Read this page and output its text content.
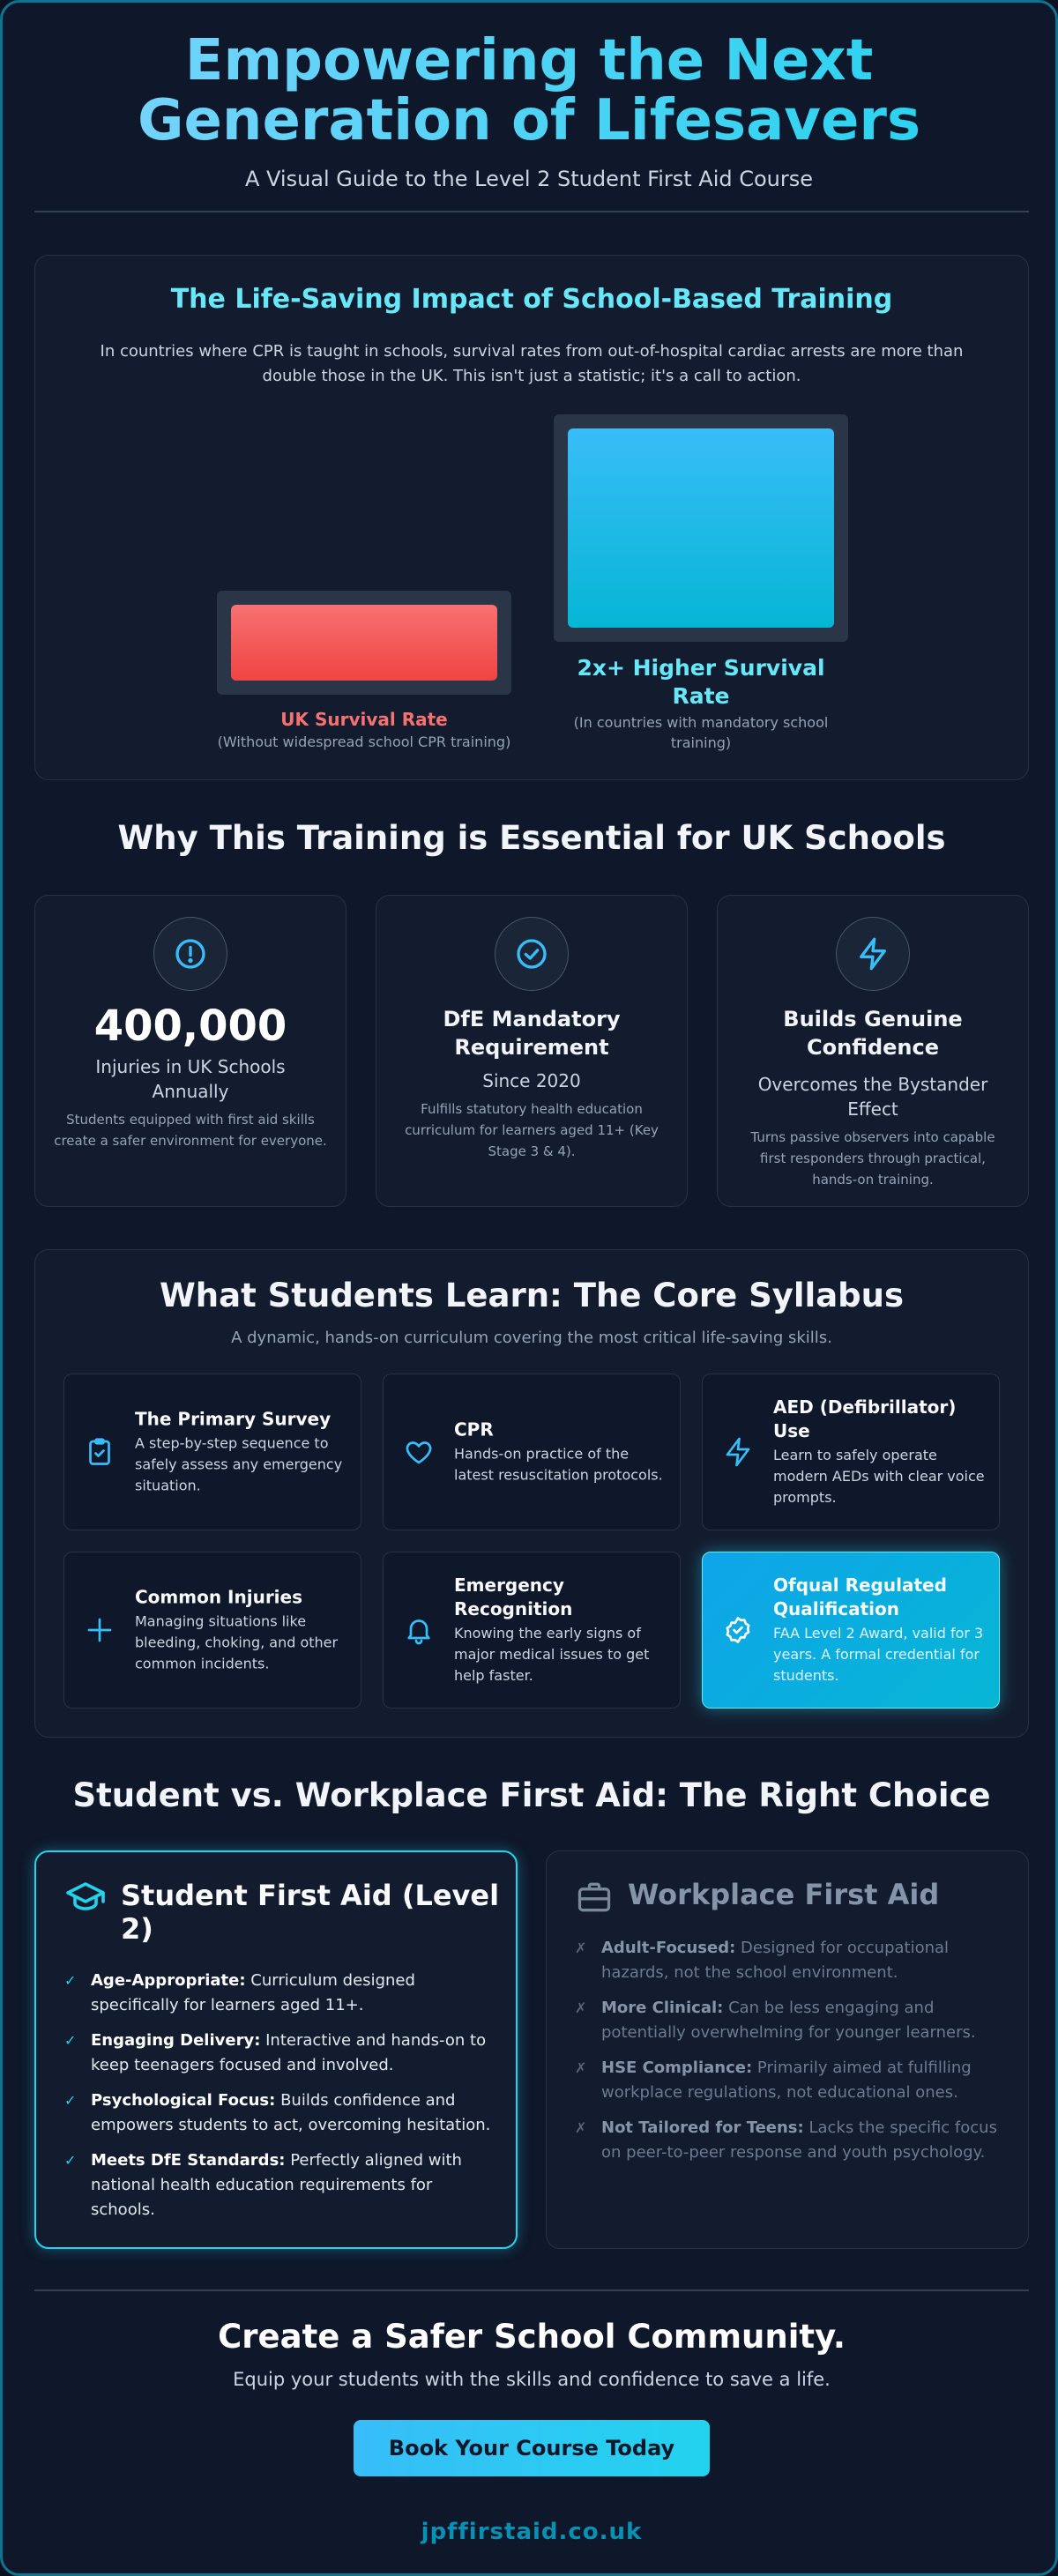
Empowering the Next Generation of Lifesavers
A Visual Guide to the Level 2 Student First Aid Course
The Life-Saving Impact of School-Based Training
In countries where CPR is taught in schools, survival rates from out-of-hospital cardiac arrests are more than double those in the UK. This isn't just a statistic; it's a call to action.
UK Survival Rate
(Without widespread school CPR training)
2x+ Higher Survival Rate
(In countries with mandatory school training)
Why This Training is Essential for UK Schools
400,000
Injuries in UK Schools Annually
Students equipped with first aid skills create a safer environment for everyone.
DfE Mandatory Requirement
Since 2020
Fulfills statutory health education curriculum for learners aged 11+ (Key Stage 3 & 4).
Builds Genuine Confidence
Overcomes the Bystander Effect
Turns passive observers into capable first responders through practical, hands-on training.
What Students Learn: The Core Syllabus
A dynamic, hands-on curriculum covering the most critical life-saving skills.
The Primary Survey
A step-by-step sequence to safely assess any emergency situation.
CPR
Hands-on practice of the latest resuscitation protocols.
AED (Defibrillator) Use
Learn to safely operate modern AEDs with clear voice prompts.
Common Injuries
Managing situations like bleeding, choking, and other common incidents.
Emergency Recognition
Knowing the early signs of major medical issues to get help faster.
Ofqual Regulated Qualification
FAA Level 2 Award, valid for 3 years. A formal credential for students.
Student vs. Workplace First Aid: The Right Choice
Student First Aid (Level 2)
✓ Age-Appropriate: Curriculum designed specifically for learners aged 11+.
✓ Engaging Delivery: Interactive and hands-on to keep teenagers focused and involved.
✓ Psychological Focus: Builds confidence and empowers students to act, overcoming hesitation.
✓ Meets DfE Standards: Perfectly aligned with national health education requirements for schools.
Workplace First Aid
✗ Adult-Focused: Designed for occupational hazards, not the school environment.
✗ More Clinical: Can be less engaging and potentially overwhelming for younger learners.
✗ HSE Compliance: Primarily aimed at fulfilling workplace regulations, not educational ones.
✗ Not Tailored for Teens: Lacks the specific focus on peer-to-peer response and youth psychology.
Create a Safer School Community.
Equip your students with the skills and confidence to save a life.
Book Your Course Today
jpffirstaid.co.uk
